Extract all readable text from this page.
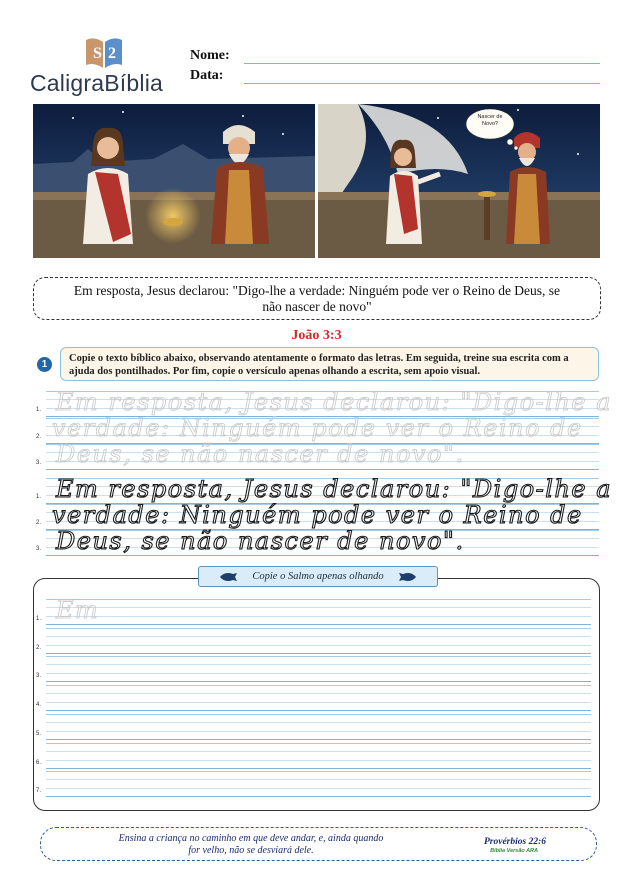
S 2
CaligraBíblia
Nome:
Data:
Nascer de Novo?
Em resposta, Jesus declarou: "Digo-lhe a verdade: Ninguém pode ver o Reino de Deus, se não nascer de novo"
João 3:3
1
Copie o texto bíblico abaixo, observando atentamente o formato das letras. Em seguida, treine sua escrita com a ajuda dos pontilhados. Por fim, copie o versículo apenas olhando a escrita, sem apoio visual.
1.
2.
3.
Em resposta, Jesus declarou: "Digo-lhe a
verdade: Ninguém pode ver o Reino de
Deus, se não nascer de novo".
1.
2.
3.
Em resposta, Jesus declarou: "Digo-lhe a
verdade: Ninguém pode ver o Reino de
Deus, se não nascer de novo".
Copie o Salmo apenas olhando
1.
2.
3.
4.
5.
6.
7.
Em
Ensina a criança no caminho em que deve andar, e, ainda quando
for velho, não se desviará dele.
Provérbios 22:6
Bíblia Versão ARA
